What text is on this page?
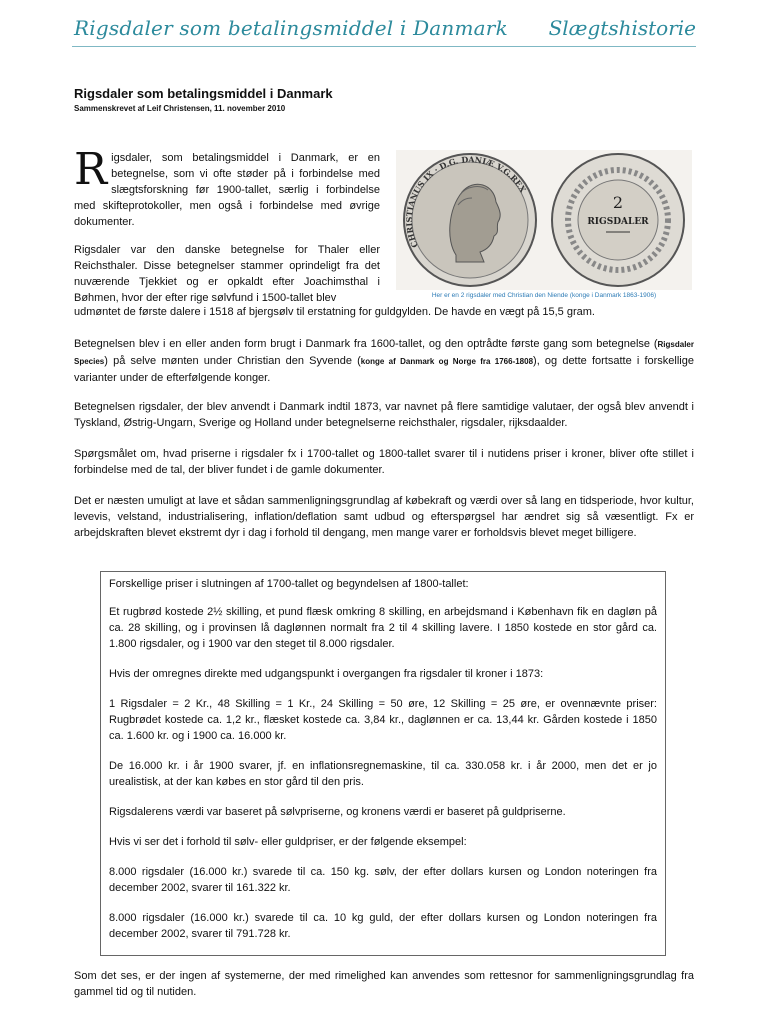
Rigsdaler som betalingsmiddel i Danmark Slægtshistorie
Rigsdaler som betalingsmiddel i Danmark
Sammenskrevet af Leif Christensen, 11. november 2010

Rigsdaler, som betalingsmiddel i Danmark, er en betegnelse, som vi ofte støder på i forbindelse med slægtsforskning før 1900-tallet, særlig i forbindelse med skifteprotokoller, men også i forbindelse med øvrige dokumenter.

Rigsdaler var den danske betegnelse for Thaler eller Reichsthaler. Disse betegnelser stammer oprindeligt fra det nuværende Tjekkiet og er opkaldt efter Joachimsthal i Bøhmen, hvor der efter rige sølvfund i 1500-tallet blev

CHRISTIANUS IX · D.G. DANIÆ V.G.REX
2
RIGSDALER
Her er en 2 rigsdaler med Christian den Niende (konge i Danmark 1863-1906)

udmøntet de første dalere i 1518 af bjergsølv til erstatning for guldgylden. De havde en vægt på 15,5 gram.

Betegnelsen blev i en eller anden form brugt i Danmark fra 1600-tallet, og den optrådte første gang som betegnelse (Rigsdaler Species) på selve mønten under Christian den Syvende (konge af Danmark og Norge fra 1766-1808), og dette fortsatte i forskellige varianter under de efterfølgende konger.

Betegnelsen rigsdaler, der blev anvendt i Danmark indtil 1873, var navnet på flere samtidige valutaer, der også blev anvendt i Tyskland, Østrig-Ungarn, Sverige og Holland under betegnelserne reichsthaler, rigsdaler, rijksdaalder.

Spørgsmålet om, hvad priserne i rigsdaler fx i 1700-tallet og 1800-tallet svarer til i nutidens priser i kroner, bliver ofte stillet i forbindelse med de tal, der bliver fundet i de gamle dokumenter.

Det er næsten umuligt at lave et sådan sammenligningsgrundlag af købekraft og værdi over så lang en tidsperiode, hvor kultur, levevis, velstand, industrialisering, inflation/deflation samt udbud og efterspørgsel har ændret sig så væsentligt. Fx er arbejdskraften blevet ekstremt dyr i dag i forhold til dengang, men mange varer er forholdsvis blevet meget billigere.

Forskellige priser i slutningen af 1700-tallet og begyndelsen af 1800-tallet:

Et rugbrød kostede 2½ skilling, et pund flæsk omkring 8 skilling, en arbejdsmand i København fik en dagløn på ca. 28 skilling, og i provinsen lå daglønnen normalt fra 2 til 4 skilling lavere. I 1850 kostede en stor gård ca. 1.800 rigsdaler, og i 1900 var den steget til 8.000 rigsdaler.

Hvis der omregnes direkte med udgangspunkt i overgangen fra rigsdaler til kroner i 1873:

1 Rigsdaler = 2 Kr., 48 Skilling = 1 Kr., 24 Skilling = 50 øre, 12 Skilling = 25 øre, er ovennævnte priser: Rugbrødet kostede ca. 1,2 kr., flæsket kostede ca. 3,84 kr., daglønnen er ca. 13,44 kr. Gården kostede i 1850 ca. 1.600 kr. og i 1900 ca. 16.000 kr.

De 16.000 kr. i år 1900 svarer, jf. en inflationsregnemaskine, til ca. 330.058 kr. i år 2000, men det er jo urealistisk, at der kan købes en stor gård til den pris.

Rigsdalerens værdi var baseret på sølvpriserne, og kronens værdi er baseret på guldpriserne.

Hvis vi ser det i forhold til sølv- eller guldpriser, er der følgende eksempel:

8.000 rigsdaler (16.000 kr.) svarede til ca. 150 kg. sølv, der efter dollars kursen og London noteringen fra december 2002, svarer til 161.322 kr.

8.000 rigsdaler (16.000 kr.) svarede til ca. 10 kg guld, der efter dollars kursen og London noteringen fra december 2002, svarer til 791.728 kr.

Som det ses, er der ingen af systemerne, der med rimelighed kan anvendes som rettesnor for sammenligningsgrundlag fra gammel tid og til nutiden.
